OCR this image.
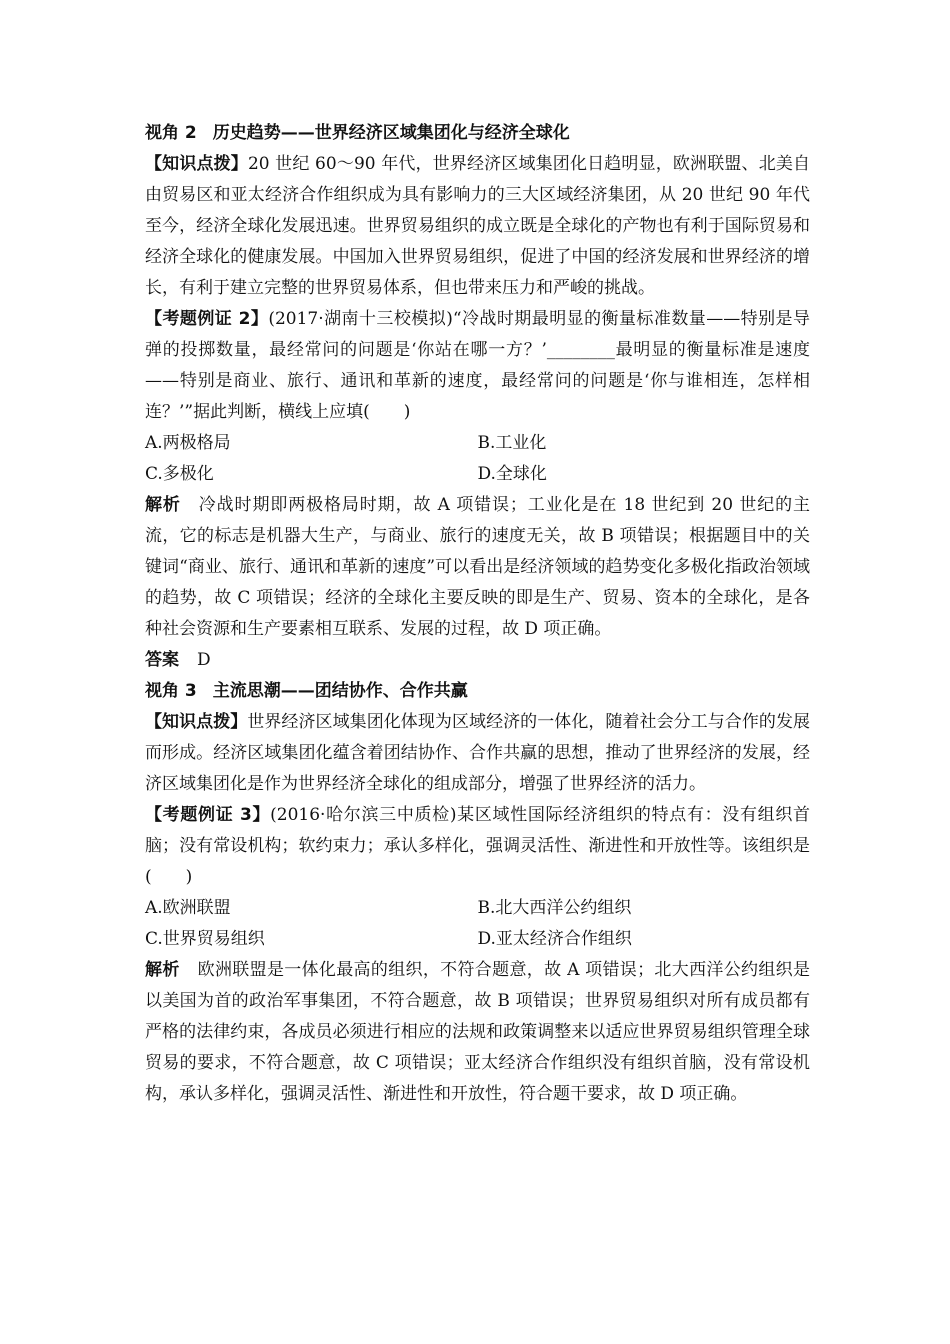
视角 2 历史趋势——世界经济区域集团化与经济全球化

【知识点拨】20 世纪 60～90 年代，世界经济区域集团化日趋明显，欧洲联盟、北美自由贸易区和亚太经济合作组织成为具有影响力的三大区域经济集团，从 20 世纪 90 年代至今，经济全球化发展迅速。世界贸易组织的成立既是全球化的产物也有利于国际贸易和经济全球化的健康发展。中国加入世界贸易组织，促进了中国的经济发展和世界经济的增长，有利于建立完整的世界贸易体系，但也带来压力和严峻的挑战。

【考题例证 2】(2017·湖南十三校模拟)“冷战时期最明显的衡量标准数量——特别是导弹的投掷数量，最经常问的问题是‘你站在哪一方？’________最明显的衡量标准是速度——特别是商业、旅行、通讯和革新的速度，最经常问的问题是‘你与谁相连，怎样相连？’”据此判断，横线上应填(　　)

A.两极格局	B.工业化
C.多极化	D.全球化

解析 冷战时期即两极格局时期，故 A 项错误；工业化是在 18 世纪到 20 世纪的主流，它的标志是机器大生产，与商业、旅行的速度无关，故 B 项错误；根据题目中的关键词“商业、旅行、通讯和革新的速度”可以看出是经济领域的趋势变化多极化指政治领域的趋势，故 C 项错误；经济的全球化主要反映的即是生产、贸易、资本的全球化，是各种社会资源和生产要素相互联系、发展的过程，故 D 项正确。

答案 D

视角 3 主流思潮——团结协作、合作共赢

【知识点拨】世界经济区域集团化体现为区域经济的一体化，随着社会分工与合作的发展而形成。经济区域集团化蕴含着团结协作、合作共赢的思想，推动了世界经济的发展，经济区域集团化是作为世界经济全球化的组成部分，增强了世界经济的活力。

【考题例证 3】(2016·哈尔滨三中质检)某区域性国际经济组织的特点有：没有组织首脑；没有常设机构；软约束力；承认多样化，强调灵活性、渐进性和开放性等。该组织是(　　)

A.欧洲联盟	B.北大西洋公约组织
C.世界贸易组织	D.亚太经济合作组织

解析 欧洲联盟是一体化最高的组织，不符合题意，故 A 项错误；北大西洋公约组织是以美国为首的政治军事集团，不符合题意，故 B 项错误；世界贸易组织对所有成员都有严格的法律约束，各成员必须进行相应的法规和政策调整来以适应世界贸易组织管理全球贸易的要求，不符合题意，故 C 项错误；亚太经济合作组织没有组织首脑，没有常设机构，承认多样化，强调灵活性、渐进性和开放性，符合题干要求，故 D 项正确。
